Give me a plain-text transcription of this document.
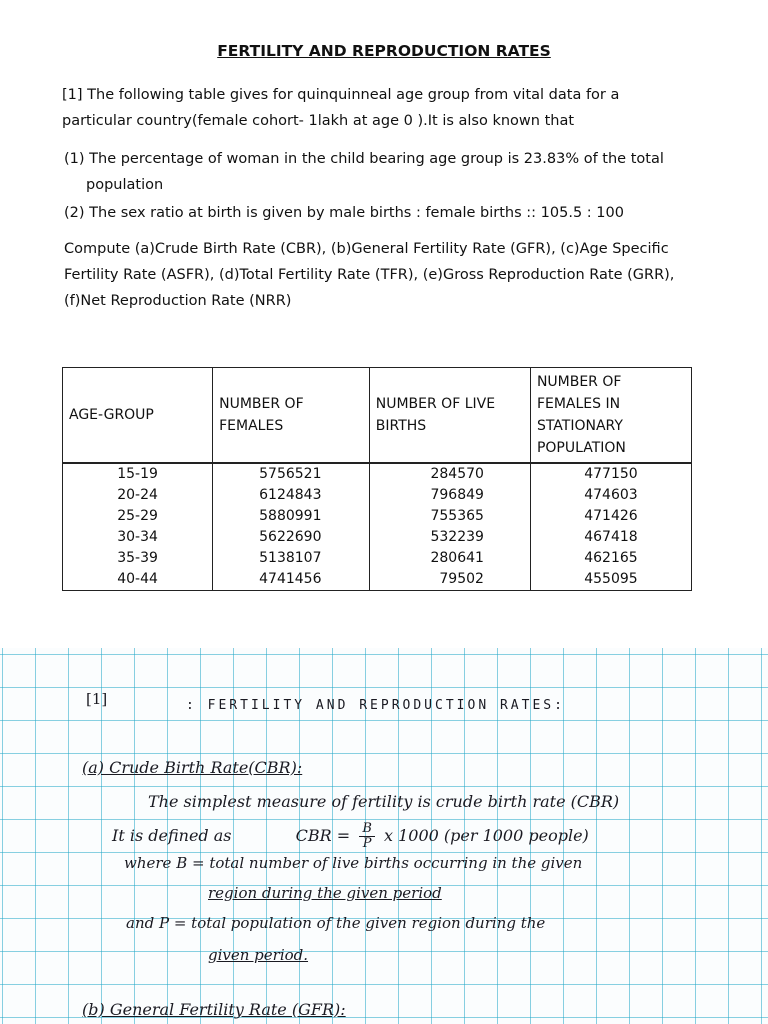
FERTILITY AND REPRODUCTION RATES
[1] The following table gives for quinquinneal age group from vital data for a
particular country(female cohort- 1lakh at age 0 ).It is also known that
(1) The percentage of woman in the child bearing age group is 23.83% of the total
population
(2) The sex ratio at birth is given by male births : female births :: 105.5 : 100
Compute (a)Crude Birth Rate (CBR), (b)General Fertility Rate (GFR), (c)Age Specific
Fertility Rate (ASFR), (d)Total Fertility Rate (TFR), (e)Gross Reproduction Rate (GRR),
(f)Net Reproduction Rate (NRR)
AGE-GROUP	NUMBER OF FEMALES	NUMBER OF LIVE BIRTHS	NUMBER OF FEMALES IN STATIONARY POPULATION
15-19	5756521	284570	477150
20-24	6124843	796849	474603
25-29	5880991	755365	471426
30-34	5622690	532239	467418
35-39	5138107	280641	462165
40-44	4741456	79502	455095
[1]	: FERTILITY AND REPRODUCTION RATES:
(a) Crude Birth Rate(CBR):
The simplest measure of fertility is crude birth rate (CBR)
It is defined as	CBR = $\frac{B}{P}$ x 1000 (per 1000 people)
where B = total number of live births occurring in the given
region during the given period
and P = total population of the given region during the
given period.
(b) General Fertility Rate (GFR):
